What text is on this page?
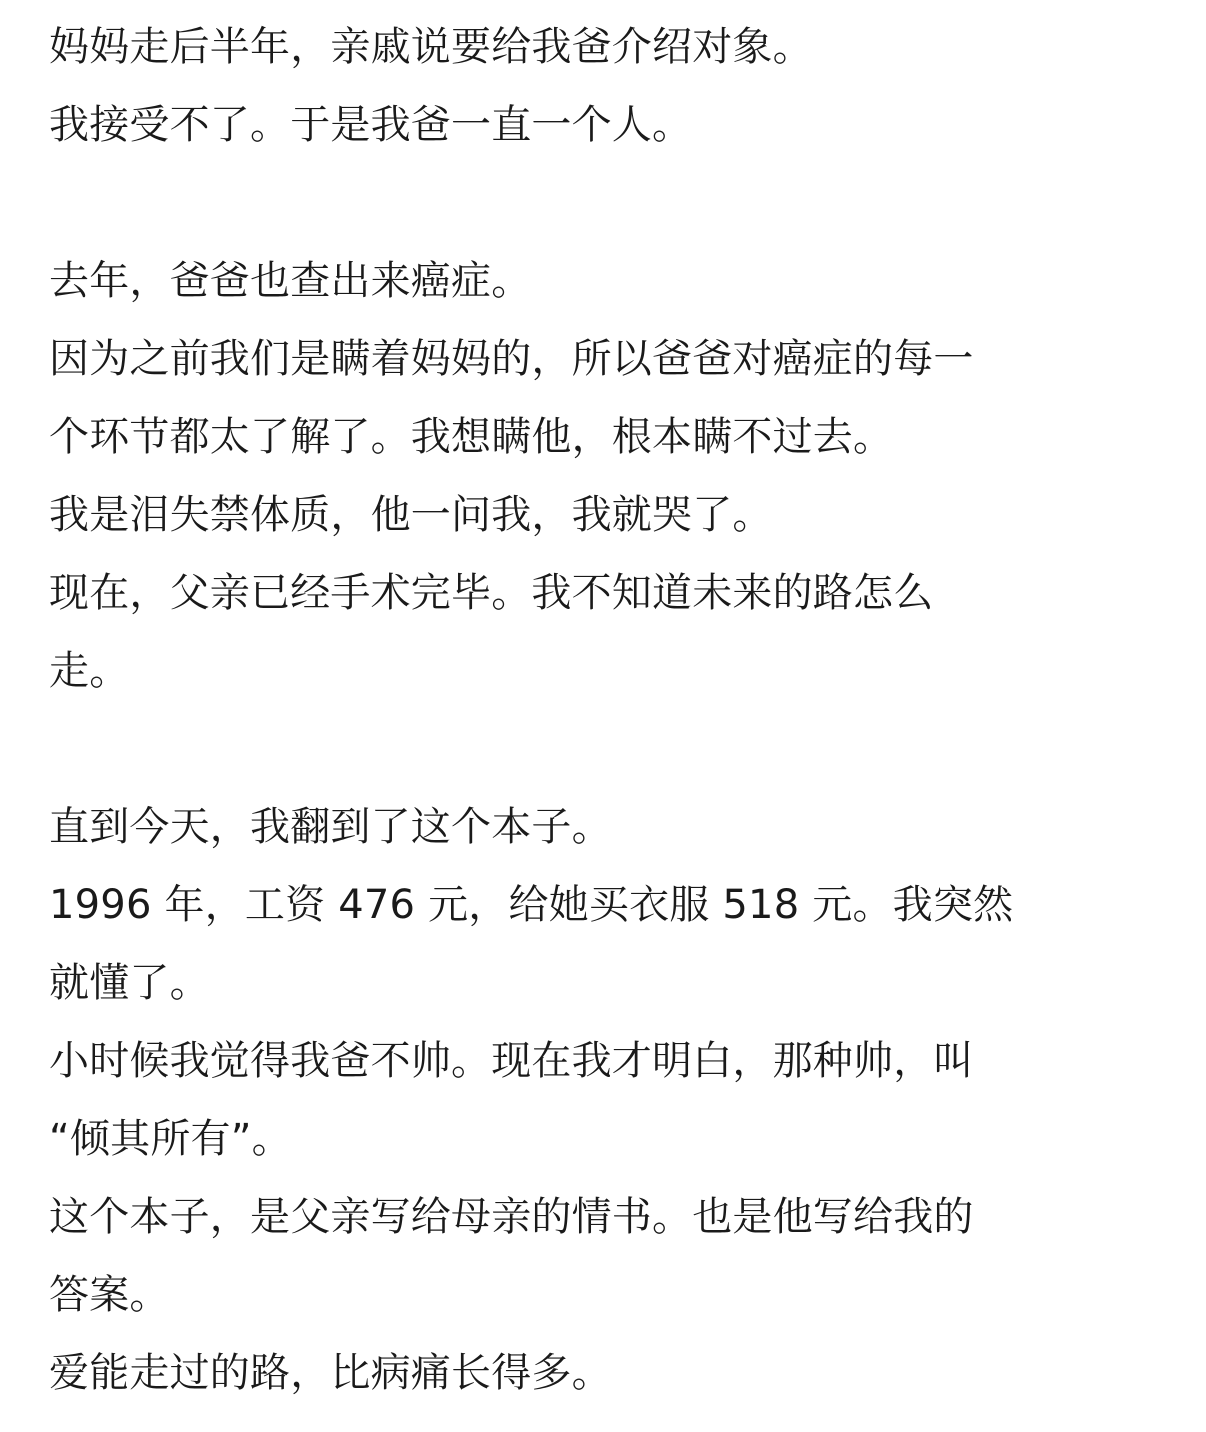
妈妈走后半年，亲戚说要给我爸介绍对象。
我接受不了。于是我爸一直一个人。
去年，爸爸也查出来癌症。
因为之前我们是瞒着妈妈的，所以爸爸对癌症的每一
个环节都太了解了。我想瞒他，根本瞒不过去。
我是泪失禁体质，他一问我，我就哭了。
现在，父亲已经手术完毕。我不知道未来的路怎么
走。
直到今天，我翻到了这个本子。
1996 年，工资 476 元，给她买衣服 518 元。我突然
就懂了。
小时候我觉得我爸不帅。现在我才明白，那种帅，叫
“倾其所有”。
这个本子，是父亲写给母亲的情书。也是他写给我的
答案。
爱能走过的路，比病痛长得多。
